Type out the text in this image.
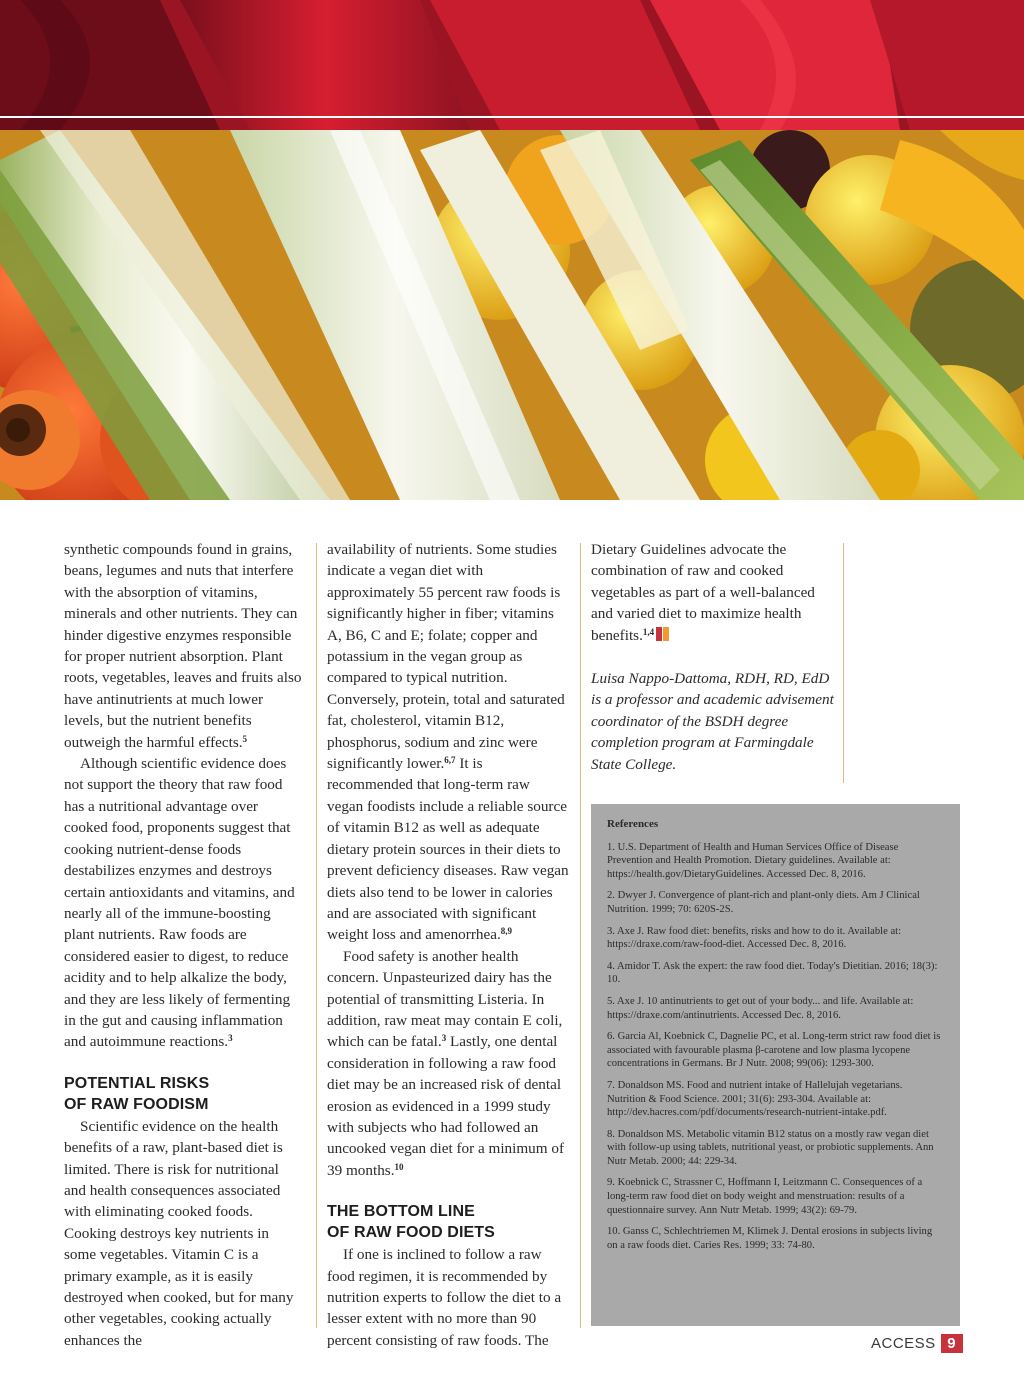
synthetic compounds found in grains, beans, legumes and nuts that interfere with the absorption of vitamins, minerals and other nutrients. They can hinder digestive enzymes responsible for proper nutrient absorption. Plant roots, vegetables, leaves and fruits also have antinutrients at much lower levels, but the nutrient benefits outweigh the harmful effects.$^5$

Although scientific evidence does not support the theory that raw food has a nutritional advantage over cooked food, proponents suggest that cooking nutrient-dense foods destabilizes enzymes and destroys certain antioxidants and vitamins, and nearly all of the immune-boosting plant nutrients. Raw foods are considered easier to digest, to reduce acidity and to help alkalize the body, and they are less likely of fermenting in the gut and causing inflammation and autoimmune reactions.$^3$

POTENTIAL RISKS
OF RAW FOODISM

Scientific evidence on the health benefits of a raw, plant-based diet is limited. There is risk for nutritional and health consequences associated with eliminating cooked foods. Cooking destroys key nutrients in some vegetables. Vitamin C is a primary example, as it is easily destroyed when cooked, but for many other vegetables, cooking actually enhances the

availability of nutrients. Some studies indicate a vegan diet with approximately 55 percent raw foods is significantly higher in fiber; vitamins A, B6, C and E; folate; copper and potassium in the vegan group as compared to typical nutrition. Conversely, protein, total and saturated fat, cholesterol, vitamin B12, phosphorus, sodium and zinc were significantly lower.$^{6,7}$ It is recommended that long-term raw vegan foodists include a reliable source of vitamin B12 as well as adequate dietary protein sources in their diets to prevent deficiency diseases. Raw vegan diets also tend to be lower in calories and are associated with significant weight loss and amenorrhea.$^{8,9}$

Food safety is another health concern. Unpasteurized dairy has the potential of transmitting Listeria. In addition, raw meat may contain E coli, which can be fatal.$^3$ Lastly, one dental consideration in following a raw food diet may be an increased risk of dental erosion as evidenced in a 1999 study with subjects who had followed an uncooked vegan diet for a minimum of 39 months.$^{10}$

THE BOTTOM LINE
OF RAW FOOD DIETS

If one is inclined to follow a raw food regimen, it is recommended by nutrition experts to follow the diet to a lesser extent with no more than 90 percent consisting of raw foods. The

Dietary Guidelines advocate the combination of raw and cooked vegetables as part of a well-balanced and varied diet to maximize health benefits.$^{1,4}$

Luisa Nappo-Dattoma, RDH, RD, EdD is a professor and academic advisement coordinator of the BSDH degree completion program at Farmingdale State College.

References
1. U.S. Department of Health and Human Services Office of Disease Prevention and Health Promotion. Dietary guidelines. Available at: https://health.gov/DietaryGuidelines. Accessed Dec. 8, 2016.
2. Dwyer J. Convergence of plant-rich and plant-only diets. Am J Clinical Nutrition. 1999; 70: 620S-2S.
3. Axe J. Raw food diet: benefits, risks and how to do it. Available at: https://draxe.com/raw-food-diet. Accessed Dec. 8, 2016.
4. Amidor T. Ask the expert: the raw food diet. Today's Dietitian. 2016; 18(3): 10.
5. Axe J. 10 antinutrients to get out of your body... and life. Available at: https://draxe.com/antinutrients. Accessed Dec. 8, 2016.
6. Garcia Al, Koebnick C, Dagnelie PC, et al. Long-term strict raw food diet is associated with favourable plasma β-carotene and low plasma lycopene concentrations in Germans. Br J Nutr. 2008; 99(06): 1293-300.
7. Donaldson MS. Food and nutrient intake of Hallelujah vegetarians. Nutrition & Food Science. 2001; 31(6): 293-304. Available at: http://dev.hacres.com/pdf/documents/research-nutrient-intake.pdf.
8. Donaldson MS. Metabolic vitamin B12 status on a mostly raw vegan diet with follow-up using tablets, nutritional yeast, or probiotic supplements. Ann Nutr Metab. 2000; 44: 229-34.
9. Koebnick C, Strassner C, Hoffmann I, Leitzmann C. Consequences of a long-term raw food diet on body weight and menstruation: results of a questionnaire survey. Ann Nutr Metab. 1999; 43(2): 69-79.
10. Ganss C, Schlechtriemen M, Klimek J. Dental erosions in subjects living on a raw foods diet. Caries Res. 1999; 33: 74-80.
ACCESS 9
